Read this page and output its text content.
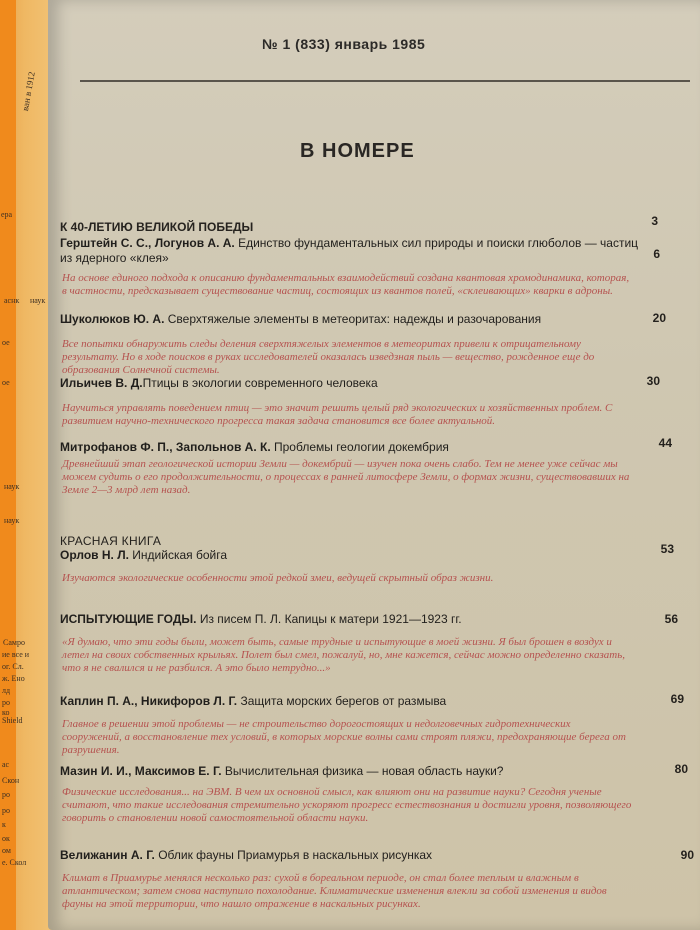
ван в 1912
ера
аснк наук
ое
ое
наук
наук
Самро
ие все и
ог. Сл.
ж. Ено
лд
ро
ко
ас
Shield
Скон
ро
ро
к
ок
ом
е. Скол
№ 1 (833) январь 1985
В НОМЕРЕ
К 40-ЛЕТИЮ ВЕЛИКОЙ ПОБЕДЫ	3
Герштейн С. С., Логунов А. А. Единство фундаментальных сил природы и поиски глюболов — частиц из ядерного «клея»	6
На основе единого подхода к описанию фундаментальных взаимодействий создана квантовая хромодинамика, которая, в частности, предсказывает существование частиц, состоящих из квантов полей, «склеивающих» кварки в адроны.
Шуколюков Ю. А. Сверхтяжелые элементы в метеоритах: надежды и разочарования	20
Все попытки обнаружить следы деления сверхтяжелых элементов в метеоритах привели к отрицательному результату. Но в ходе поисков в руках исследователей оказалась изведзная пыль — вещество, рожденное еще до образования Солнечной системы.
Ильичев В. Д.Птицы в экологии современного человека	30
Научиться управлять поведением птиц — это значит решить целый ряд экологических и хозяйственных проблем. С развитием научно-технического прогресса такая задача становится все более актуальной.
Митрофанов Ф. П., Запольнов А. К. Проблемы геологии докембрия	44
Древнейший этап геологической истории Земли — докембрий — изучен пока очень слабо. Тем не менее уже сейчас мы можем судить о его продолжительности, о процессах в ранней литосфере Земли, о формах жизни, существовавших на Земле 2—3 млрд лет назад.
КРАСНАЯ КНИГА
Орлов Н. Л. Индийская бойга	53
Изучаются экологические особенности этой редкой змеи, ведущей скрытный образ жизни.
ИСПЫТУЮЩИЕ ГОДЫ. Из писем П. Л. Капицы к матери 1921—1923 гг.	56
«Я думаю, что эти годы были, может быть, самые трудные и испытующие в моей жизни. Я был брошен в воздух и летел на своих собственных крыльях. Полет был смел, пожалуй, но, мне кажется, сейчас можно определенно сказать, что я не свалился и не разбился. А это было нетрудно...»
Каплин П. А., Никифоров Л. Г. Защита морских берегов от размыва	69
Главное в решении этой проблемы — не строительство дорогостоящих и недолговечных гидротехнических сооружений, а восстановление тех условий, в которых морские волны сами строят пляжи, предохраняющие берега от разрушения.
Мазин И. И., Максимов Е. Г. Вычислительная физика — новая область науки?	80
Физические исследования... на ЭВМ. В чем их основной смысл, как влияют они на развитие науки? Сегодня ученые считают, что такие исследования стремительно ускоряют прогресс естествознания и достигли уровня, позволяющего говорить о становлении новой самостоятельной области науки.
Велижанин А. Г. Облик фауны Приамурья в наскальных рисунках	90
Климат в Приамурье менялся несколько раз: сухой в бореальном периоде, он стал более теплым и влажным в атлантическом; затем снова наступило похолодание. Климатические изменения влекли за собой изменения и видов фауны на этой территории, что нашло отражение в наскальных рисунках.
